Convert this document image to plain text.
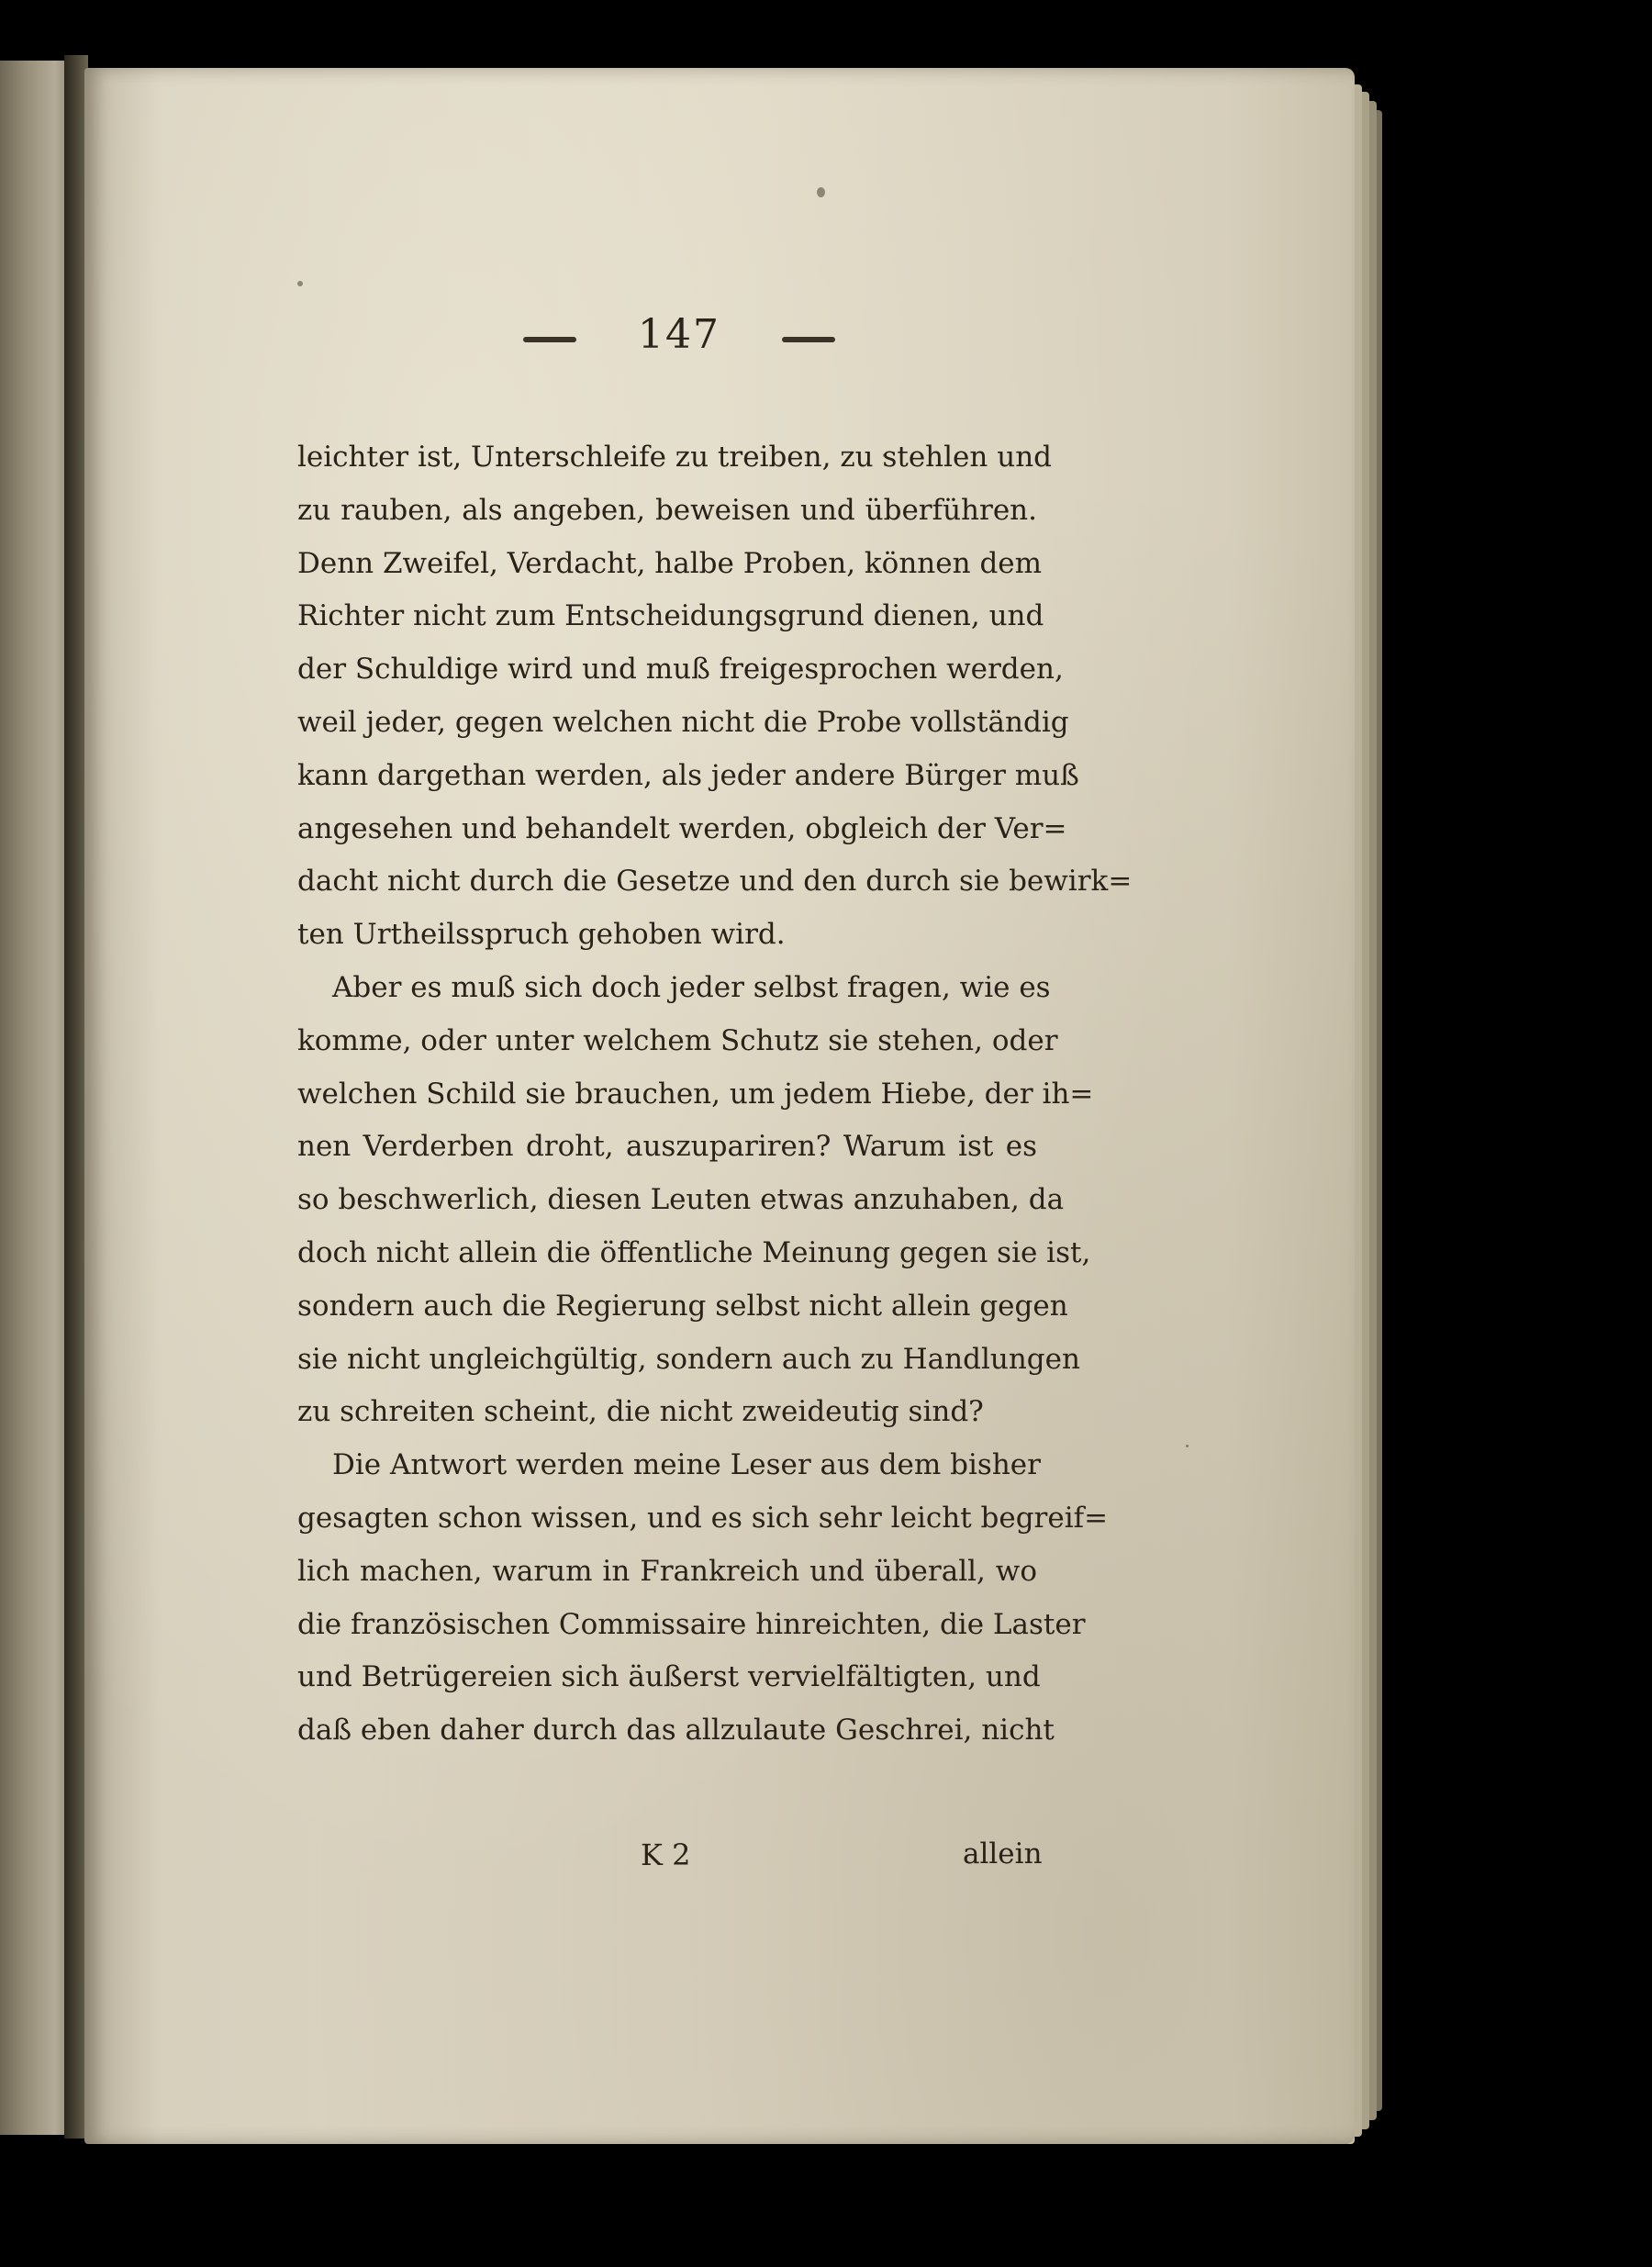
147
leichter ist, Unterschleife zu treiben, zu stehlen und
zu rauben, als angeben, beweisen und überführen.
Denn Zweifel, Verdacht, halbe Proben, können dem
Richter nicht zum Entscheidungsgrund dienen, und
der Schuldige wird und muß freigesprochen werden,
weil jeder, gegen welchen nicht die Probe vollständig
kann dargethan werden, als jeder andere Bürger muß
angesehen und behandelt werden, obgleich der Ver=
dacht nicht durch die Gesetze und den durch sie bewirk=
ten Urtheilsspruch gehoben wird.
Aber es muß sich doch jeder selbst fragen, wie es
komme, oder unter welchem Schutz sie stehen, oder
welchen Schild sie brauchen, um jedem Hiebe, der ih=
nen Verderben droht, auszupariren? Warum ist es
so beschwerlich, diesen Leuten etwas anzuhaben, da
doch nicht allein die öffentliche Meinung gegen sie ist,
sondern auch die Regierung selbst nicht allein gegen
sie nicht ungleichgültig, sondern auch zu Handlungen
zu schreiten scheint, die nicht zweideutig sind?
Die Antwort werden meine Leser aus dem bisher
gesagten schon wissen, und es sich sehr leicht begreif=
lich machen, warum in Frankreich und überall, wo
die französischen Commissaire hinreichten, die Laster
und Betrügereien sich äußerst vervielfältigten, und
daß eben daher durch das allzulaute Geschrei, nicht
K 2	allein
